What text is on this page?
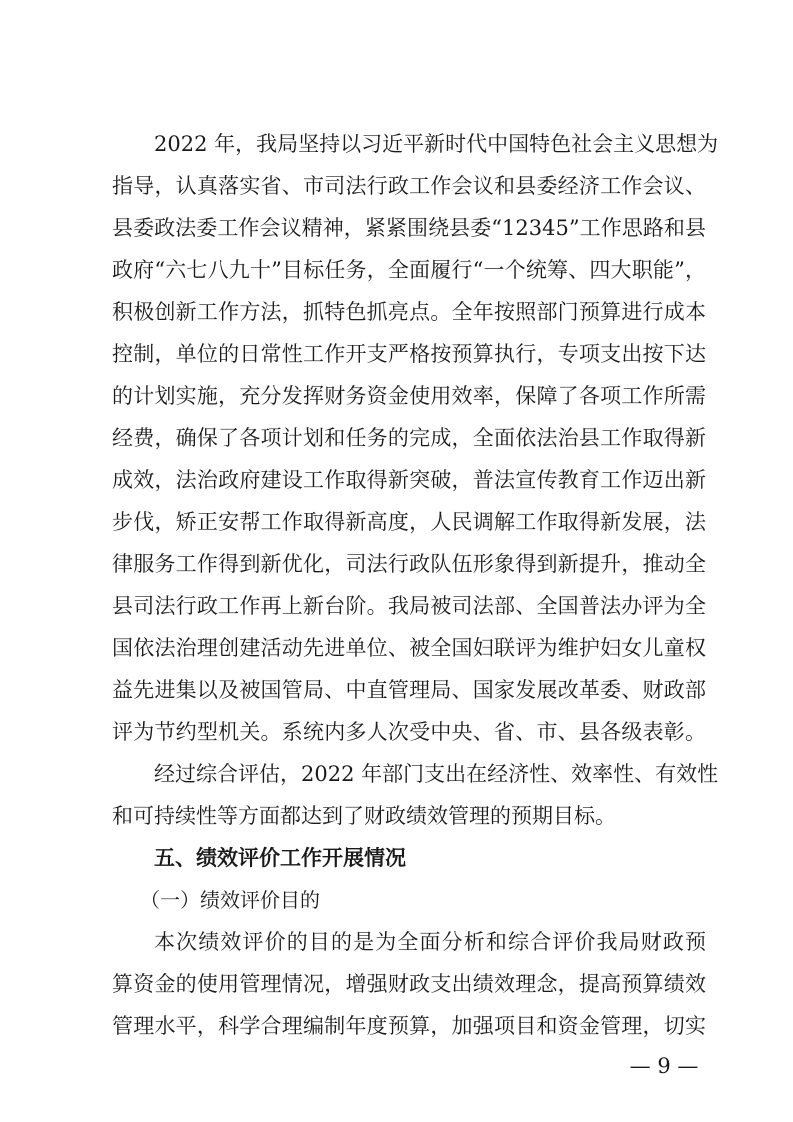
2022 年，我局坚持以习近平新时代中国特色社会主义思想为
指导，认真落实省、市司法行政工作会议和县委经济工作会议、
县委政法委工作会议精神，紧紧围绕县委“12345”工作思路和县
政府“六七八九十”目标任务，全面履行“一个统筹、四大职能”，
积极创新工作方法，抓特色抓亮点。全年按照部门预算进行成本
控制，单位的日常性工作开支严格按预算执行，专项支出按下达
的计划实施，充分发挥财务资金使用效率，保障了各项工作所需
经费，确保了各项计划和任务的完成，全面依法治县工作取得新
成效，法治政府建设工作取得新突破，普法宣传教育工作迈出新
步伐，矫正安帮工作取得新高度，人民调解工作取得新发展，法
律服务工作得到新优化，司法行政队伍形象得到新提升，推动全
县司法行政工作再上新台阶。我局被司法部、全国普法办评为全
国依法治理创建活动先进单位、被全国妇联评为维护妇女儿童权
益先进集以及被国管局、中直管理局、国家发展改革委、财政部
评为节约型机关。系统内多人次受中央、省、市、县各级表彰。
经过综合评估，2022 年部门支出在经济性、效率性、有效性
和可持续性等方面都达到了财政绩效管理的预期目标。
五、绩效评价工作开展情况
（一）绩效评价目的
本次绩效评价的目的是为全面分析和综合评价我局财政预
算资金的使用管理情况，增强财政支出绩效理念，提高预算绩效
管理水平，科学合理编制年度预算，加强项目和资金管理，切实
— 9 —
